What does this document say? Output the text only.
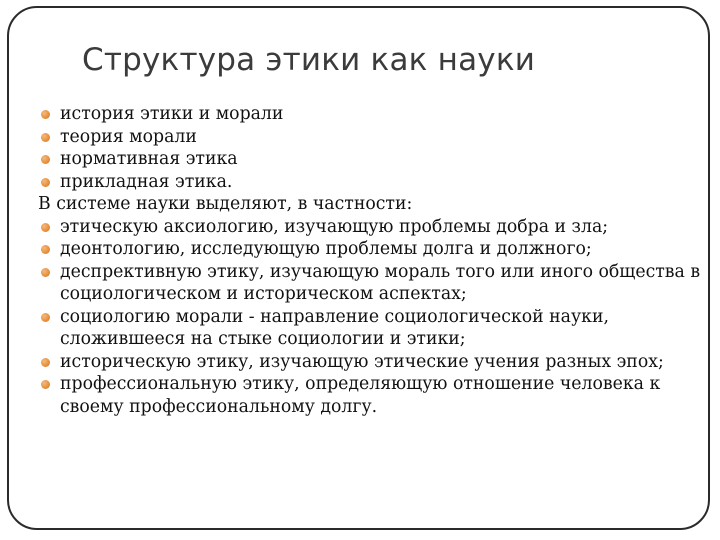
Структура этики как науки
история этики и морали
теория морали
нормативная этика
прикладная этика.
В системе науки выделяют, в частности:
этическую аксиологию, изучающую проблемы добра и зла;
деонтологию, исследующую проблемы долга и должного;
деспрективную этику, изучающую мораль того или иного общества в социологическом и историческом аспектах;
социологию морали - направление социологической науки, сложившееся на стыке социологии и этики;
историческую этику, изучающую этические учения разных эпох;
профессиональную этику, определяющую отношение человека к своему профессиональному долгу.
